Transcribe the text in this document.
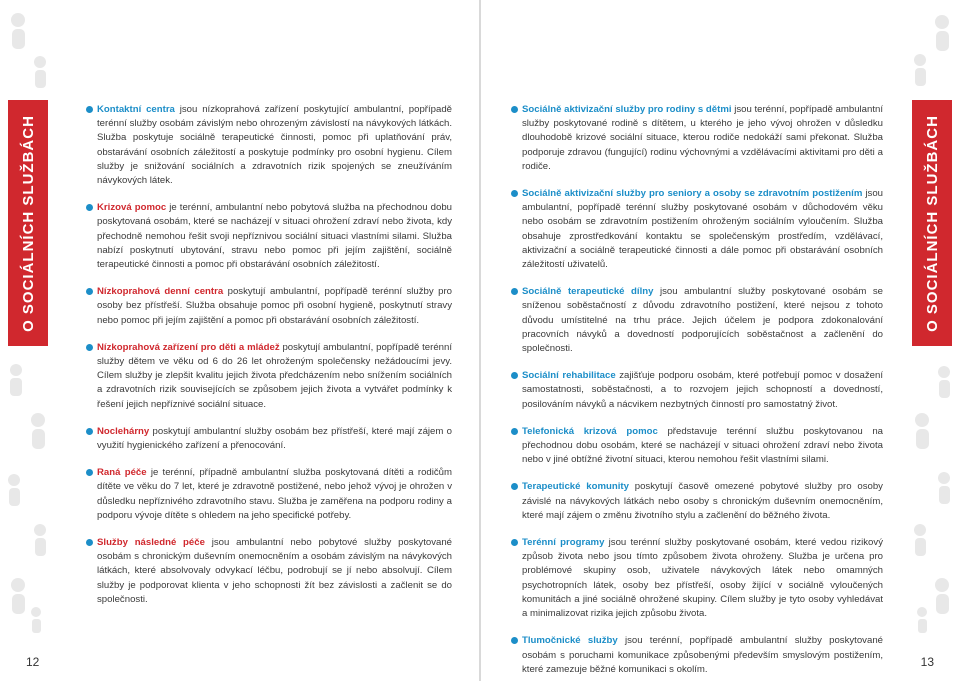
O SOCIÁLNÍCH SLUŽBÁCH
12

Kontaktní centra jsou nízkoprahová zařízení poskytující ambulantní, popřípadě terénní služby osobám závislým nebo ohrozeným závislostí na návykových látkách. Služba poskytuje sociálně terapeutické činnosti, pomoc při uplatňování práv, obstarávání osobních záležitostí a poskytuje podmínky pro osobní hygienu. Cílem služby je snižování sociálních a zdravotních rizik spojených se zneužíváním návykových látek.

Krizová pomoc je terénní, ambulantní nebo pobytová služba na přechodnou dobu poskytovaná osobám, které se nacházejí v situaci ohrožení zdraví nebo života, kdy přechodně nemohou řešit svoji nepříznivou sociální situaci vlastními silami. Služba nabízí poskytnutí ubytování, stravu nebo pomoc při jejím zajištění, sociálně terapeutické činnosti a pomoc při obstarávání osobních záležitostí.

Nízkoprahová denní centra poskytují ambulantní, popřípadě terénní služby pro osoby bez přístřeší. Služba obsahuje pomoc při osobní hygieně, poskytnutí stravy nebo pomoc při jejím zajištění a pomoc při obstarávání osobních záležitostí.

Nízkoprahová zařízení pro děti a mládež poskytují ambulantní, popřípadě terénní služby dětem ve věku od 6 do 26 let ohroženým společensky nežádoucími jevy. Cílem služby je zlepšit kvalitu jejich života předcházením nebo snížením sociálních a zdravotních rizik souvisejících se způsobem jejich života a vytvářet podmínky k řešení jejich nepříznivé sociální situace.

Noclehárny poskytují ambulantní služby osobám bez přístřeší, které mají zájem o využití hygienického zařízení a přenocování.

Raná péče je terénní, případně ambulantní služba poskytovaná dítěti a rodičům dítěte ve věku do 7 let, které je zdravotně postižené, nebo jehož vývoj je ohrožen v důsledku nepříznivého zdravotního stavu. Služba je zaměřena na podporu rodiny a podporu vývoje dítěte s ohledem na jeho specifické potřeby.

Služby následné péče jsou ambulantní nebo pobytové služby poskytované osobám s chronickým duševním onemocněním a osobám závislým na návykových látkách, které absolvovaly odvykací léčbu, podrobují se jí nebo absolvují. Cílem služby je podporovat klienta v jeho schopnosti žít bez závislosti a začlenit se do společnosti.

Sociálně aktivizační služby pro rodiny s dětmi jsou terénní, popřípadě ambulantní služby poskytované rodině s dítětem, u kterého je jeho vývoj ohrožen v důsledku dlouhodobě krizové sociální situace, kterou rodiče nedokáží sami překonat. Služba podporuje zdravou (fungující) rodinu výchovnými a vzdělávacími aktivitami pro děti a rodiče.

Sociálně aktivizační služby pro seniory a osoby se zdravotním postižením jsou ambulantní, popřípadě terénní služby poskytované osobám v důchodovém věku nebo osobám se zdravotním postižením ohroženým sociálním vyloučením. Služba obsahuje zprostředkování kontaktu se společenským prostředím, vzdělávací, aktivizační a sociálně terapeutické činnosti a dále pomoc při obstarávání osobních záležitostí uživatelů.

Sociálně terapeutické dílny jsou ambulantní služby poskytované osobám se sníženou soběstačností z důvodu zdravotního postižení, které nejsou z tohoto důvodu umístitelné na trhu práce. Jejich účelem je podpora zdokonalování pracovních návyků a dovedností podporujících soběstačnost a začlenění do společnosti.

Sociální rehabilitace zajišťuje podporu osobám, které potřebují pomoc v dosažení samostatnosti, soběstačnosti, a to rozvojem jejich schopností a dovedností, posilováním návyků a nácvikem nezbytných činností pro samostatný život.

Telefonická krizová pomoc představuje terénní službu poskytovanou na přechodnou dobu osobám, které se nacházejí v situaci ohrožení zdraví nebo života nebo v jiné obtížné životní situaci, kterou nemohou řešit vlastními silami.

Terapeutické komunity poskytují časově omezené pobytové služby pro osoby závislé na návykových látkách nebo osoby s chronickým duševním onemocněním, které mají zájem o změnu životního stylu a začlenění do běžného života.

Terénní programy jsou terénní služby poskytované osobám, které vedou rizikový způsob života nebo jsou tímto způsobem života ohroženy. Služba je určena pro problémové skupiny osob, uživatele návykových látek nebo omamných psychotropních látek, osoby bez přístřeší, osoby žijící v sociálně vyloučených komunitách a jiné sociálně ohrožené skupiny. Cílem služby je tyto osoby vyhledávat a minimalizovat rizika jejich způsobu života.

Tlumočnické služby jsou terénní, popřípadě ambulantní služby poskytované osobám s poruchami komunikace způsobenými především smyslovým postižením, které zamezuje běžné komunikaci s okolím.

O SOCIÁLNÍCH SLUŽBÁCH
13
